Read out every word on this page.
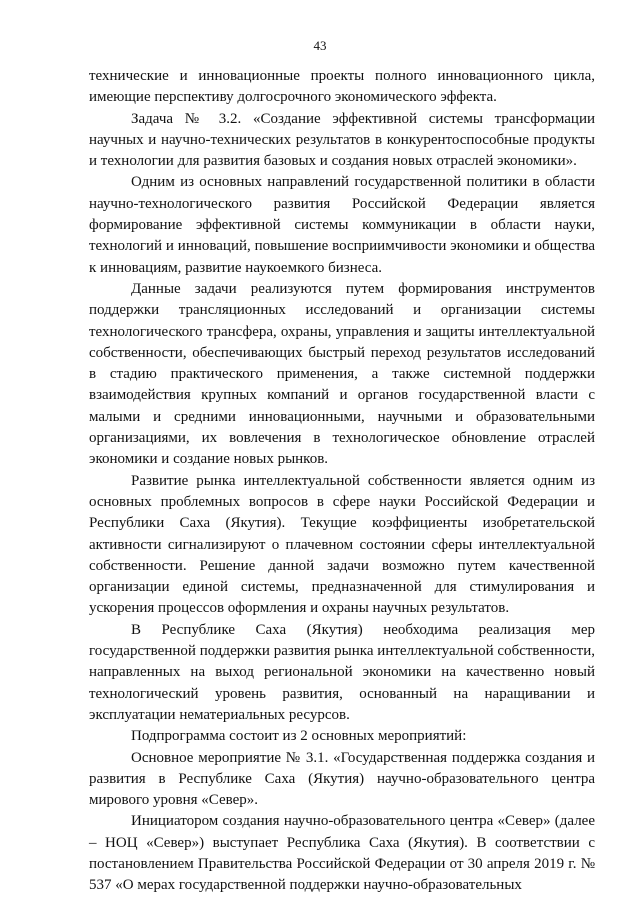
43

технические и инновационные проекты полного инновационного цикла, имеющие перспективу долгосрочного экономического эффекта.

Задача № 3.2. «Создание эффективной системы трансформации научных и научно-технических результатов в конкурентоспособные продукты и технологии для развития базовых и создания новых отраслей экономики».

Одним из основных направлений государственной политики в области научно-технологического развития Российской Федерации является формирование эффективной системы коммуникации в области науки, технологий и инноваций, повышение восприимчивости экономики и общества к инновациям, развитие наукоемкого бизнеса.

Данные задачи реализуются путем формирования инструментов поддержки трансляционных исследований и организации системы технологического трансфера, охраны, управления и защиты интеллектуальной собственности, обеспечивающих быстрый переход результатов исследований в стадию практического применения, а также системной поддержки взаимодействия крупных компаний и органов государственной власти с малыми и средними инновационными, научными и образовательными организациями, их вовлечения в технологическое обновление отраслей экономики и создание новых рынков.

Развитие рынка интеллектуальной собственности является одним из основных проблемных вопросов в сфере науки Российской Федерации и Республики Саха (Якутия). Текущие коэффициенты изобретательской активности сигнализируют о плачевном состоянии сферы интеллектуальной собственности. Решение данной задачи возможно путем качественной организации единой системы, предназначенной для стимулирования и ускорения процессов оформления и охраны научных результатов.

В Республике Саха (Якутия) необходима реализация мер государственной поддержки развития рынка интеллектуальной собственности, направленных на выход региональной экономики на качественно новый технологический уровень развития, основанный на наращивании и эксплуатации нематериальных ресурсов.

Подпрограмма состоит из 2 основных мероприятий:

Основное мероприятие № 3.1. «Государственная поддержка создания и развития в Республике Саха (Якутия) научно-образовательного центра мирового уровня «Север».

Инициатором создания научно-образовательного центра «Север» (далее – НОЦ «Север») выступает Республика Саха (Якутия). В соответствии с постановлением Правительства Российской Федерации от 30 апреля 2019 г. № 537 «О мерах государственной поддержки научно-образовательных
